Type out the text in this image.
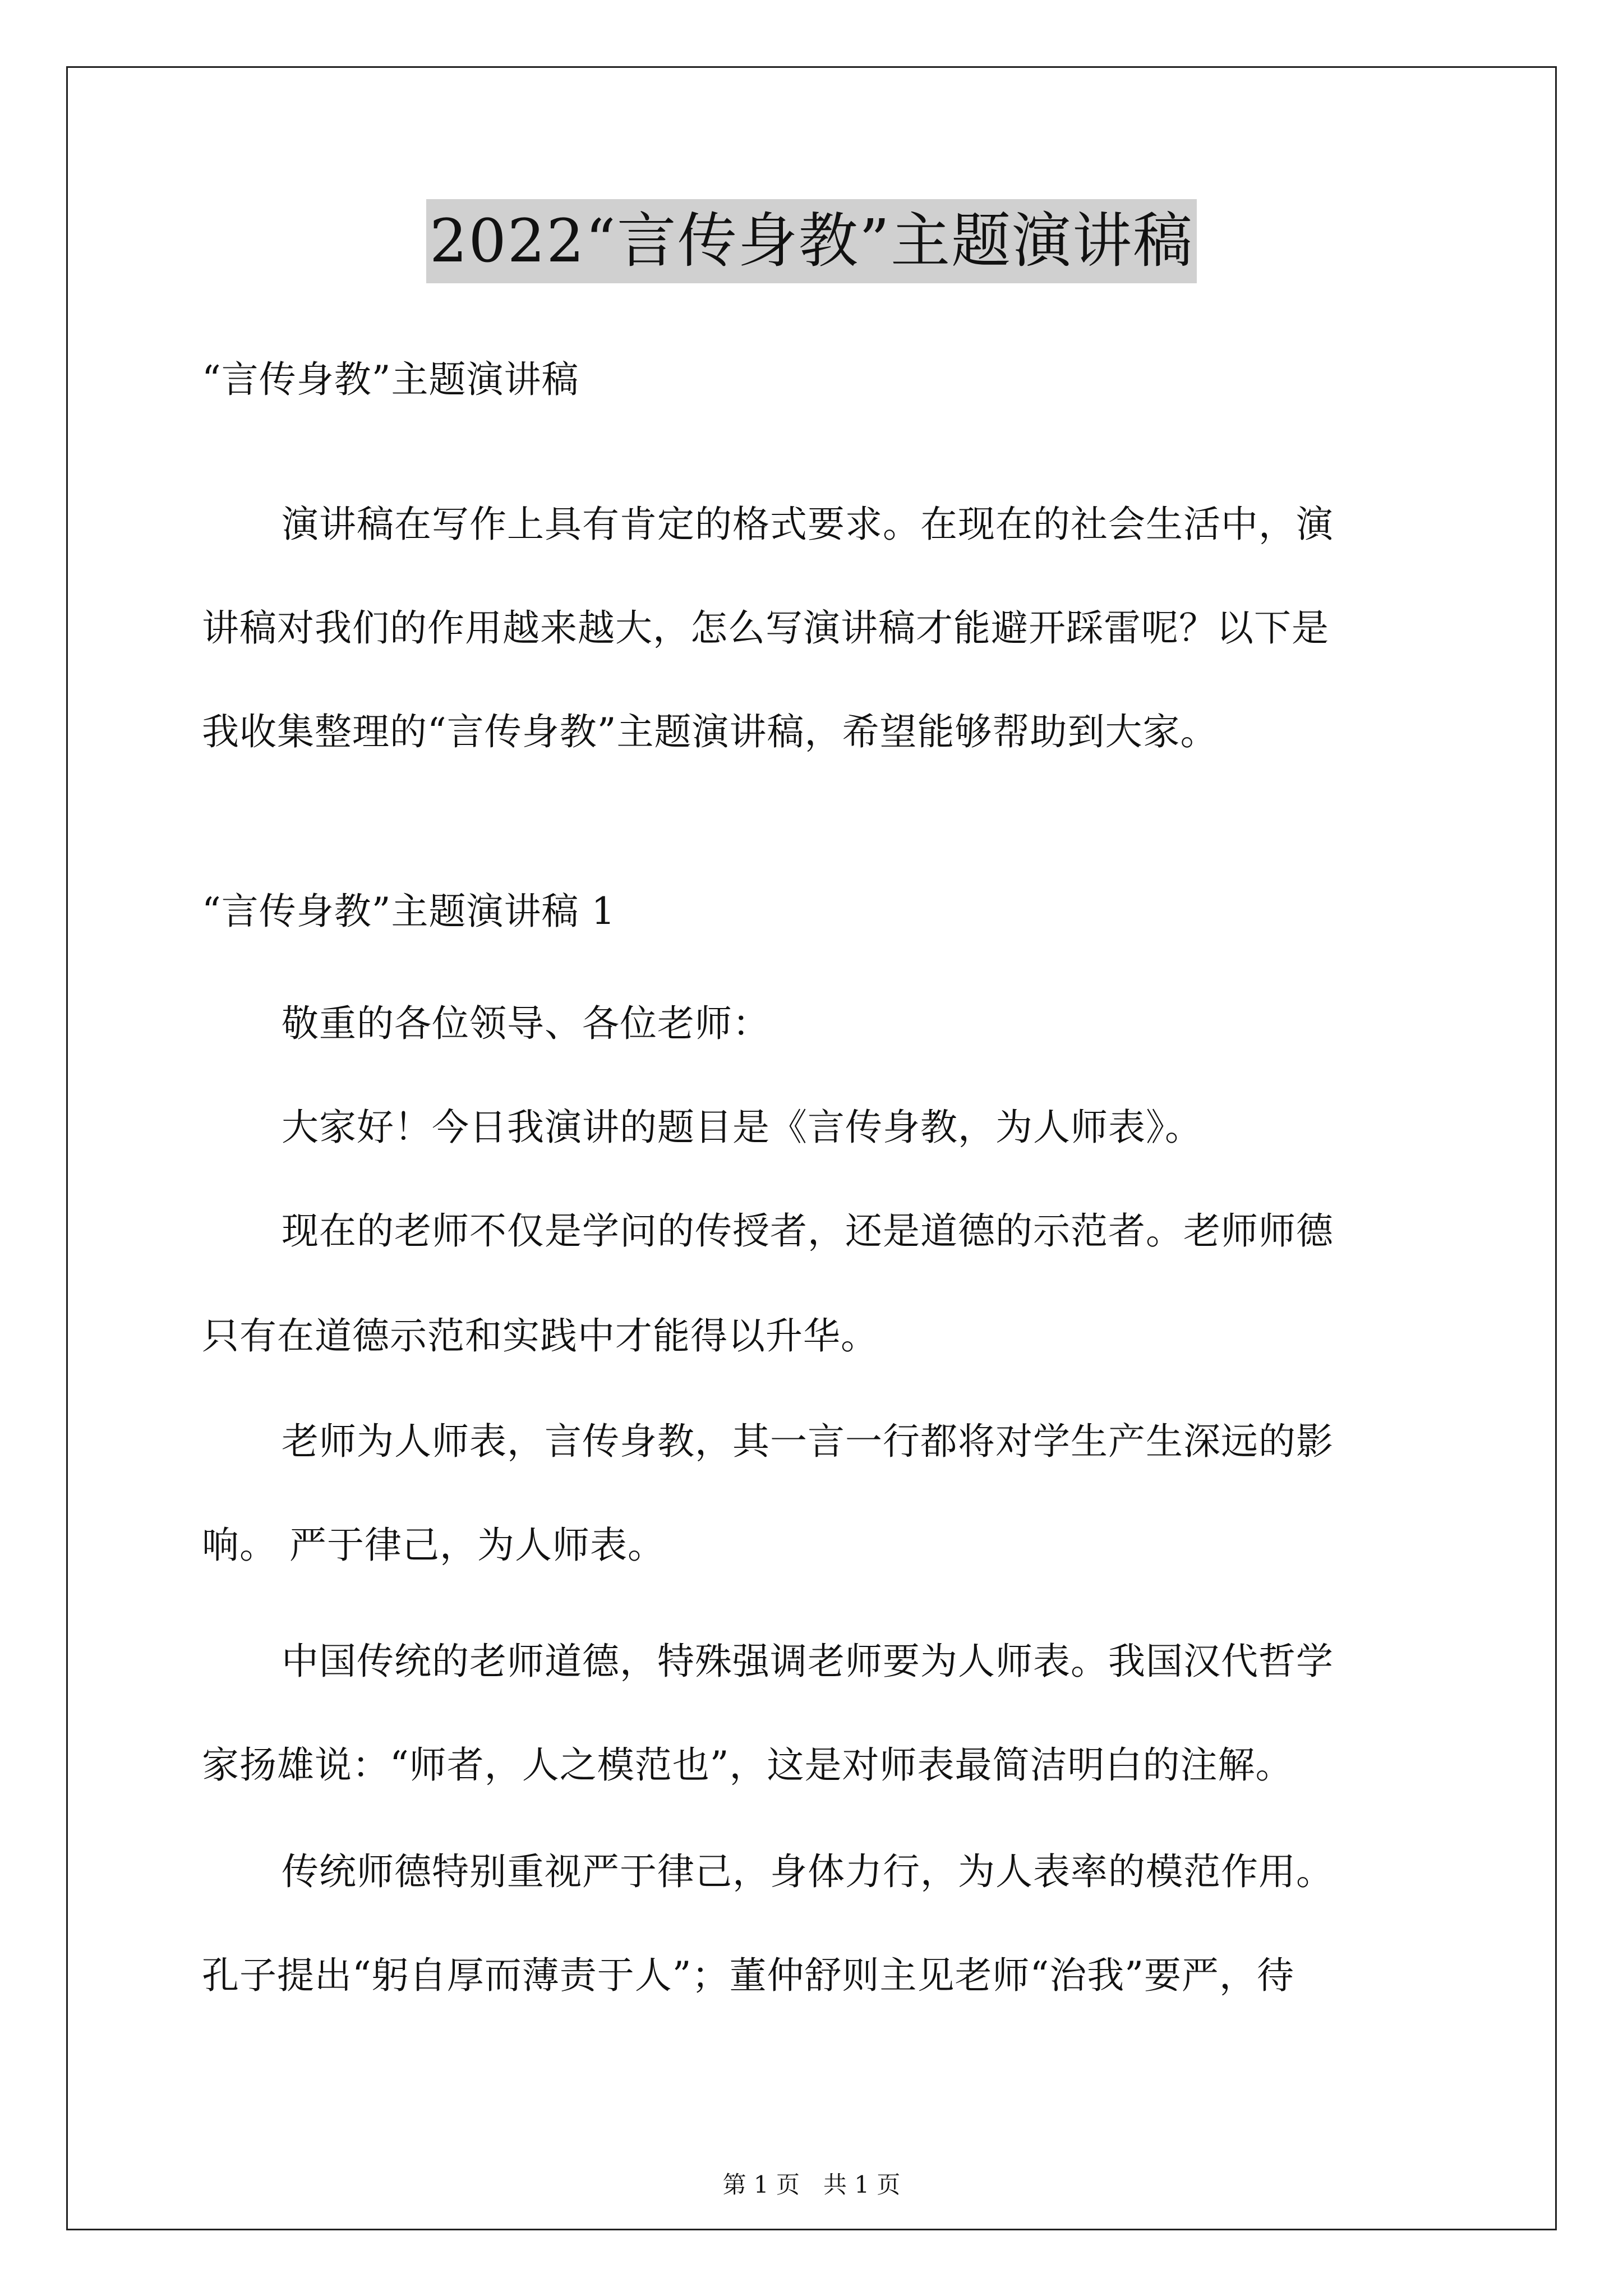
2022“言传身教”主题演讲稿
“言传身教”主题演讲稿
演讲稿在写作上具有肯定的格式要求。在现在的社会生活中，演
讲稿对我们的作用越来越大，怎么写演讲稿才能避开踩雷呢？以下是
我收集整理的“言传身教”主题演讲稿，希望能够帮助到大家。
“言传身教”主题演讲稿 1
敬重的各位领导、各位老师：
大家好！今日我演讲的题目是《言传身教，为人师表》。
现在的老师不仅是学问的传授者，还是道德的示范者。老师师德
只有在道德示范和实践中才能得以升华。
老师为人师表，言传身教，其一言一行都将对学生产生深远的影
响。 严于律己，为人师表。
中国传统的老师道德，特殊强调老师要为人师表。我国汉代哲学
家扬雄说：“师者，人之模范也”，这是对师表最简洁明白的注解。
传统师德特别重视严于律己，身体力行，为人表率的模范作用。
孔子提出“躬自厚而薄责于人”；董仲舒则主见老师“治我”要严，待
第 1 页　共 1 页
